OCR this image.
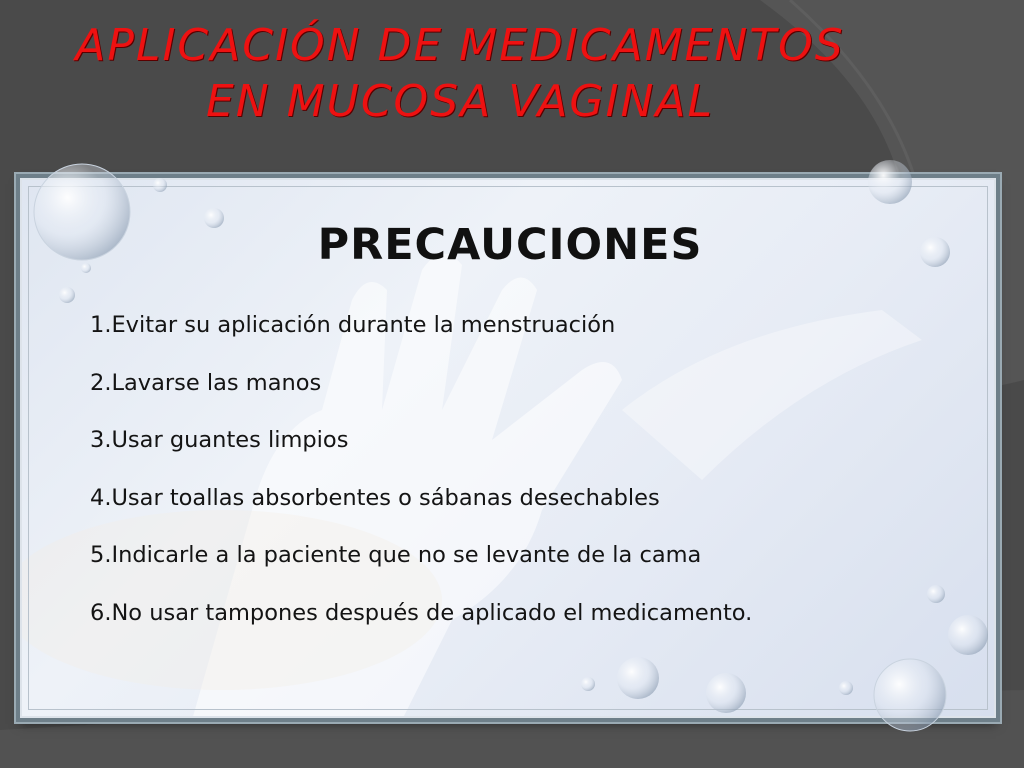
APLICACIÓN DE MEDICAMENTOS
EN MUCOSA VAGINAL
PRECAUCIONES
1.Evitar su aplicación durante la menstruación
2.Lavarse las manos
3.Usar guantes limpios
4.Usar toallas absorbentes o sábanas desechables
5.Indicarle a la paciente que no se levante de la cama
6.No usar tampones después de aplicado el medicamento.
